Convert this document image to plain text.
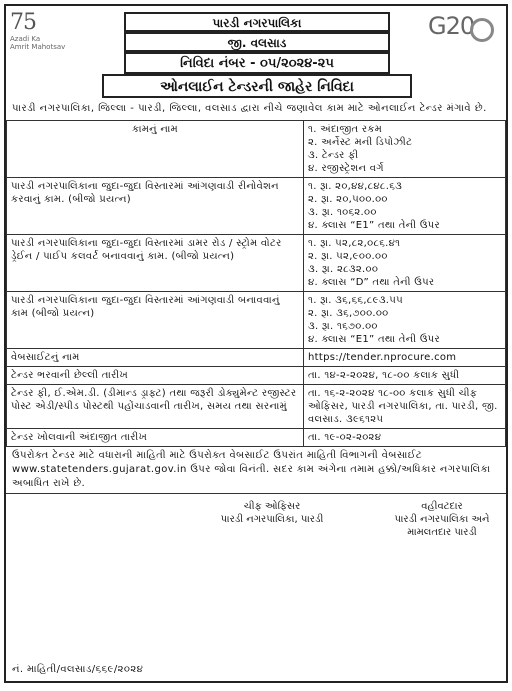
75
Azadi Ka
Amrit Mahotsav
G20
પારડી નગરપાલિકા
જી. વલસાડ
નિવિદા નંબર - ૦૫/૨૦૨૪-૨૫
ઓનલાઈન ટેન્ડરની જાહેર નિવિદા
પારડી નગરપાલિકા, જિલ્લા - પારડી, જિલ્લા, વલસાડ દ્વારા નીચે જણાવેલ કામ માટે ઓનલાઈન ટેન્ડર મંગાવે છે.
કામનું નામ	૧. અંદાજીત રકમ
૨. અર્નેસ્ટ મની ડિપોઝીટ
૩. ટેન્ડર ફી
૪. રજીસ્ટ્રેશન વર્ગ

પારડી નગરપાલિકાના જુદા-જુદા વિસ્તારમાં આંગણવાડી રીનોવેશન કરવાનું કામ. (બીજો પ્રયત્ન)	૧. રૂા. ૨૦,૪૪,૮૪૮.૬૩
૨. રૂા. ૨૦,૫૦૦.૦૦
૩. રૂા. ૧૦૬૨.૦૦
૪. ક્લાસ “E1” તથા તેની ઉપર

પારડી નગરપાલિકાના જુદા-જુદા વિસ્તારમાં ડામર રોડ / સ્ટ્રોમ વોટર ડ્રેઈન / પાઈપ કલવર્ટ બનાવવાનું કામ. (બીજો પ્રયત્ન)	૧. રૂા. ૫૨,૮૨,૦૮૬.૪૧
૨. રૂા. ૫૨,૯૦૦.૦૦
૩. રૂા. ૨૮૩૨.૦૦
૪. ક્લાસ “D” તથા તેની ઉપર

પારડી નગરપાલિકાના જુદા-જુદા વિસ્તારમાં આંગણવાડી બનાવવાનું કામ (બીજો પ્રયત્ન)	૧. રૂા. ૩૬,૬૬,૮૯૩.૫૫
૨. રૂા. ૩૬,૭૦૦.૦૦
૩. રૂા. ૧૬૭૦.૦૦
૪. ક્લાસ “E1” તથા તેની ઉપર

વેબસાઈટનું નામ	https://tender.nprocure.com
ટેન્ડર ભરવાની છેલ્લી તારીખ	તા. ૧૪-૨-૨૦૨૪, ૧૮-૦૦ કલાક સુધી
ટેન્ડર ફી, ઈ.એમ.ડી. (ડીમાન્ડ ડ્રાફ્ટ) તથા જરૂરી ડોક્યુમેન્ટ રજીસ્ટર પોસ્ટ એડી/સ્પીડ પોસ્ટથી પહોંચાડવાની તારીખ, સમય તથા સરનામું	તા. ૧૬-૨-૨૦૨૪ ૧૮-૦૦ કલાક સુધી ચીફ ઓફિસર, પારડી નગરપાલિકા, તા. પારડી, જી. વલસાડ. ૩૯૬૧૨૫
ટેન્ડર ખોલવાની અંદાજીત તારીખ	તા. ૧૯-૦૨-૨૦૨૪
ઉપરોક્ત ટેન્ડર માટે વધારાની માહિતી માટે ઉપરોક્ત વેબસાઈટ ઉપરાંત માહિતી વિભાગની વેબસાઈટ www.statetenders.gujarat.gov.in ઉપર જોવા વિનંતી. સદર કામ અંગેના તમામ હક્કો/અધિકાર નગરપાલિકા અબાધિત રાખે છે.
ચીફ ઓફિસર
પારડી નગરપાલિકા, પારડી
વહીવટદાર
પારડી નગરપાલિકા અને
મામલતદાર પારડી
નં. માહિતી/વલસાડ/૬૬૯/૨૦૨૪
